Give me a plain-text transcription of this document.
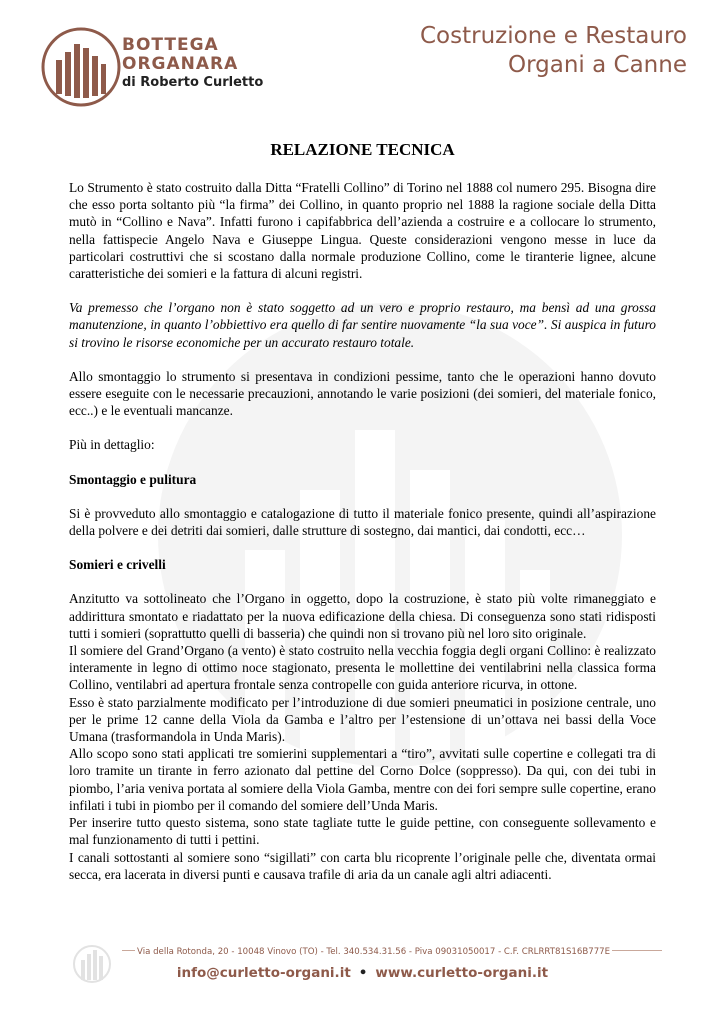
BOTTEGA
ORGANARA
di Roberto Curletto
Costruzione e Restauro
Organi a Canne
RELAZIONE TECNICA

Lo Strumento è stato costruito dalla Ditta “Fratelli Collino” di Torino nel 1888 col numero 295. Bisogna dire che esso porta soltanto più “la firma” dei Collino, in quanto proprio nel 1888 la ragione sociale della Ditta mutò in “Collino e Nava”. Infatti furono i capifabbrica dell’azienda a costruire e a collocare lo strumento, nella fattispecie Angelo Nava e Giuseppe Lingua. Queste considerazioni vengono messe in luce da particolari costruttivi che si scostano dalla normale produzione Collino, come le tiranterie lignee, alcune caratteristiche dei somieri e la fattura di alcuni registri.

Va premesso che l’organo non è stato soggetto ad un vero e proprio restauro, ma bensì ad una grossa manutenzione, in quanto l’obbiettivo era quello di far sentire nuovamente “la sua voce”. Si auspica in futuro si trovino le risorse economiche per un accurato restauro totale.

Allo smontaggio lo strumento si presentava in condizioni pessime, tanto che le operazioni hanno dovuto essere eseguite con le necessarie precauzioni, annotando le varie posizioni (dei somieri, del materiale fonico, ecc..) e le eventuali mancanze.

Più in dettaglio:

Smontaggio e pulitura

Si è provveduto allo smontaggio e catalogazione di tutto il materiale fonico presente, quindi all’aspirazione della polvere e dei detriti dai somieri, dalle strutture di sostegno, dai mantici, dai condotti, ecc…

Somieri e crivelli

Anzitutto va sottolineato che l’Organo in oggetto, dopo la costruzione, è stato più volte rimaneggiato e addirittura smontato e riadattato per la nuova edificazione della chiesa. Di conseguenza sono stati ridisposti tutti i somieri (soprattutto quelli di basseria) che quindi non si trovano più nel loro sito originale.

Il somiere del Grand’Organo (a vento) è stato costruito nella vecchia foggia degli organi Collino: è realizzato interamente in legno di ottimo noce stagionato, presenta le mollettine dei ventilabrini nella classica forma Collino, ventilabri ad apertura frontale senza contropelle con guida anteriore ricurva, in ottone.

Esso è stato parzialmente modificato per l’introduzione di due somieri pneumatici in posizione centrale, uno per le prime 12 canne della Viola da Gamba e l’altro per l’estensione di un’ottava nei bassi della Voce Umana (trasformandola in Unda Maris).

Allo scopo sono stati applicati tre somierini supplementari a “tiro”, avvitati sulle copertine e collegati tra di loro tramite un tirante in ferro azionato dal pettine del Corno Dolce (soppresso). Da qui, con dei tubi in piombo, l’aria veniva portata al somiere della Viola Gamba, mentre con dei fori sempre sulle copertine, erano infilati i tubi in piombo per il comando del somiere dell’Unda Maris.

Per inserire tutto questo sistema, sono state tagliate tutte le guide pettine, con conseguente sollevamento e mal funzionamento di tutti i pettini.

I canali sottostanti al somiere sono “sigillati” con carta blu ricoprente l’originale pelle che, diventata ormai secca, era lacerata in diversi punti e causava trafile di aria da un canale agli altri adiacenti.

Via della Rotonda, 20 - 10048 Vinovo (TO) - Tel. 340.534.31.56 - Piva 09031050017 - C.F. CRLRRT81S16B777E
info@curletto-organi.it • www.curletto-organi.it
